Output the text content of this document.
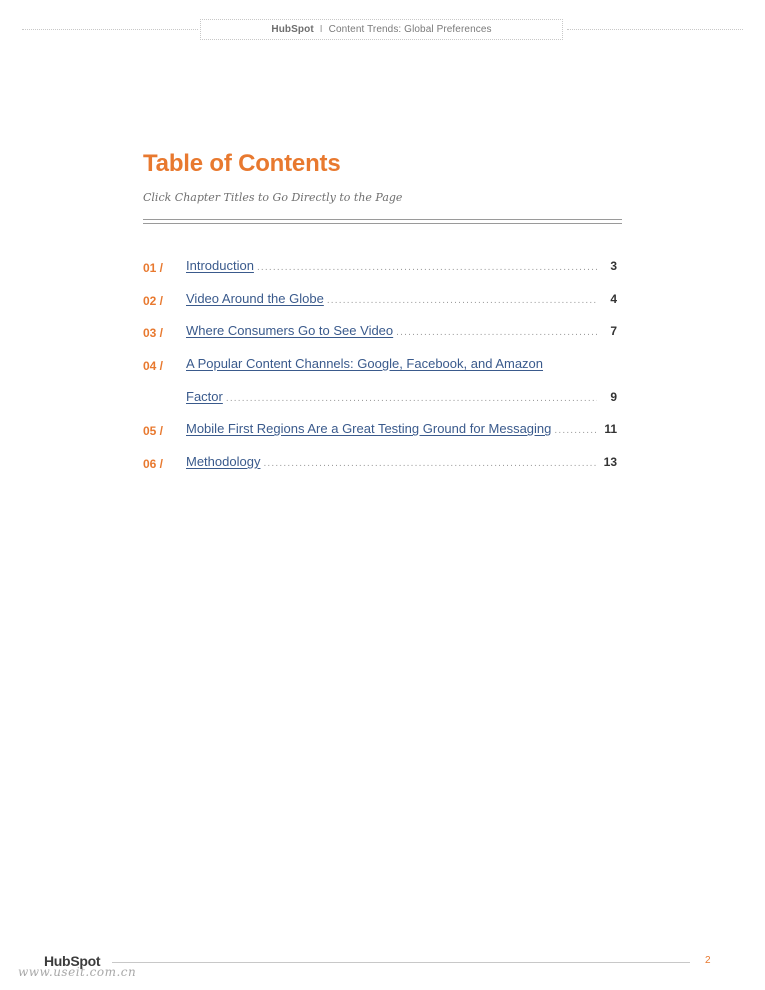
HubSpot I Content Trends: Global Preferences
Table of Contents

Click Chapter Titles to Go Directly to the Page

01 / Introduction .....	3
02 / Video Around the Globe .....	4
03 / Where Consumers Go to See Video .....	7
04 / A Popular Content Channels: Google, Facebook, and Amazon
Factor .....	9
05 / Mobile First Regions Are a Great Testing Ground for Messaging .....	11
06 / Methodology .....	13
HubSpot	2
www.useit.com.cn
